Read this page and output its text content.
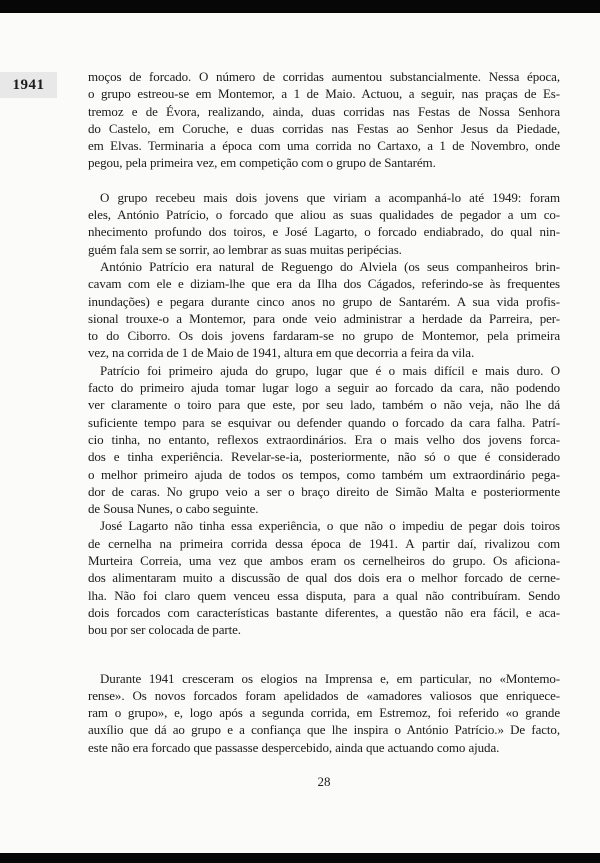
1941	moços de forcado. O número de corridas aumentou substancialmente. Nessa época,
o grupo estreou-se em Montemor, a 1 de Maio. Actuou, a seguir, nas praças de Es-
tremoz e de Évora, realizando, ainda, duas corridas nas Festas de Nossa Senhora
do Castelo, em Coruche, e duas corridas nas Festas ao Senhor Jesus da Piedade,
em Elvas. Terminaria a época com uma corrida no Cartaxo, a 1 de Novembro, onde
pegou, pela primeira vez, em competição com o grupo de Santarém.
O grupo recebeu mais dois jovens que viriam a acompanhá-lo até 1949: foram
eles, António Patrício, o forcado que aliou as suas qualidades de pegador a um co-
nhecimento profundo dos toiros, e José Lagarto, o forcado endiabrado, do qual nin-
guém fala sem se sorrir, ao lembrar as suas muitas peripécias.
António Patrício era natural de Reguengo do Alviela (os seus companheiros brin-
cavam com ele e diziam-lhe que era da Ilha dos Cágados, referindo-se às frequentes
inundações) e pegara durante cinco anos no grupo de Santarém. A sua vida profis-
sional trouxe-o a Montemor, para onde veio administrar a herdade da Parreira, per-
to do Ciborro. Os dois jovens fardaram-se no grupo de Montemor, pela primeira
vez, na corrida de 1 de Maio de 1941, altura em que decorria a feira da vila.
Patrício foi primeiro ajuda do grupo, lugar que é o mais difícil e mais duro. O
facto do primeiro ajuda tomar lugar logo a seguir ao forcado da cara, não podendo
ver claramente o toiro para que este, por seu lado, também o não veja, não lhe dá
suficiente tempo para se esquivar ou defender quando o forcado da cara falha. Patrí-
cio tinha, no entanto, reflexos extraordinários. Era o mais velho dos jovens forca-
dos e tinha experiência. Revelar-se-ia, posteriormente, não só o que é considerado
o melhor primeiro ajuda de todos os tempos, como também um extraordinário pega-
dor de caras. No grupo veio a ser o braço direito de Simão Malta e posteriormente
de Sousa Nunes, o cabo seguinte.
José Lagarto não tinha essa experiência, o que não o impediu de pegar dois toiros
de cernelha na primeira corrida dessa época de 1941. A partir daí, rivalizou com
Murteira Correia, uma vez que ambos eram os cernelheiros do grupo. Os aficiona-
dos alimentaram muito a discussão de qual dos dois era o melhor forcado de cerne-
lha. Não foi claro quem venceu essa disputa, para a qual não contribuíram. Sendo
dois forcados com características bastante diferentes, a questão não era fácil, e aca-
bou por ser colocada de parte.
Durante 1941 cresceram os elogios na Imprensa e, em particular, no «Montemo-
rense». Os novos forcados foram apelidados de «amadores valiosos que enriquece-
ram o grupo», e, logo após a segunda corrida, em Estremoz, foi referido «o grande
auxílio que dá ao grupo e a confiança que lhe inspira o António Patrício.» De facto,
este não era forcado que passasse despercebido, ainda que actuando como ajuda.
28
